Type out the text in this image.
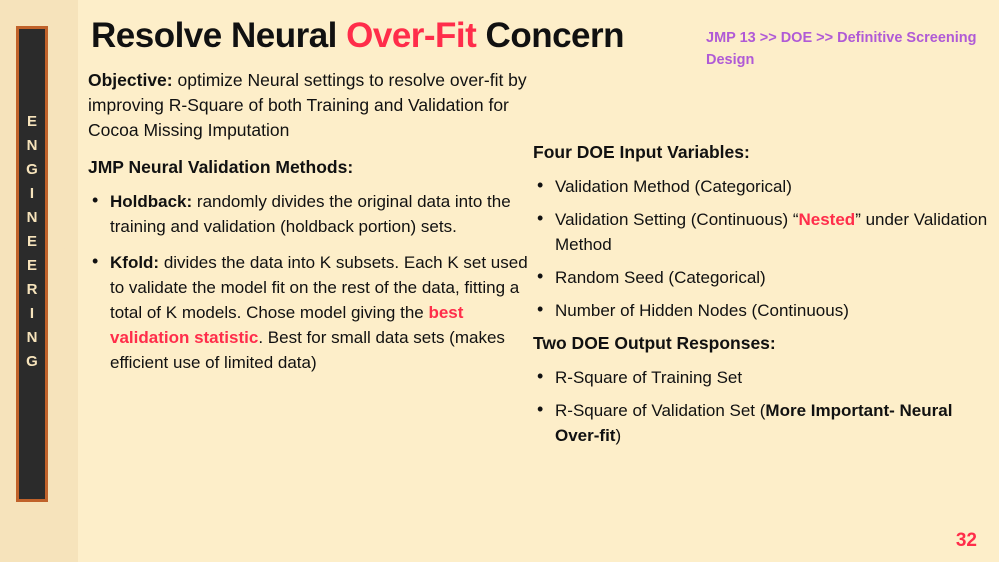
E
N
G
I
N
E
E
R
I
N
G
Resolve Neural Over-Fit Concern	JMP 13 >> DOE >> Definitive Screening Design

Objective: optimize Neural settings to resolve over-fit by improving R-Square of both Training and Validation for Cocoa Missing Imputation

JMP Neural Validation Methods:

• Holdback: randomly divides the original data into the training and validation (holdback portion) sets.
• Kfold: divides the data into K subsets. Each K set used to validate the model fit on the rest of the data, fitting a total of K models. Chose model giving the best validation statistic. Best for small data sets (makes efficient use of limited data)

Four DOE Input Variables:

• Validation Method (Categorical)
• Validation Setting (Continuous) “Nested” under Validation Method
• Random Seed (Categorical)
• Number of Hidden Nodes (Continuous)

Two DOE Output Responses:

• R-Square of Training Set
• R-Square of Validation Set (More Important- Neural Over-fit)
32
